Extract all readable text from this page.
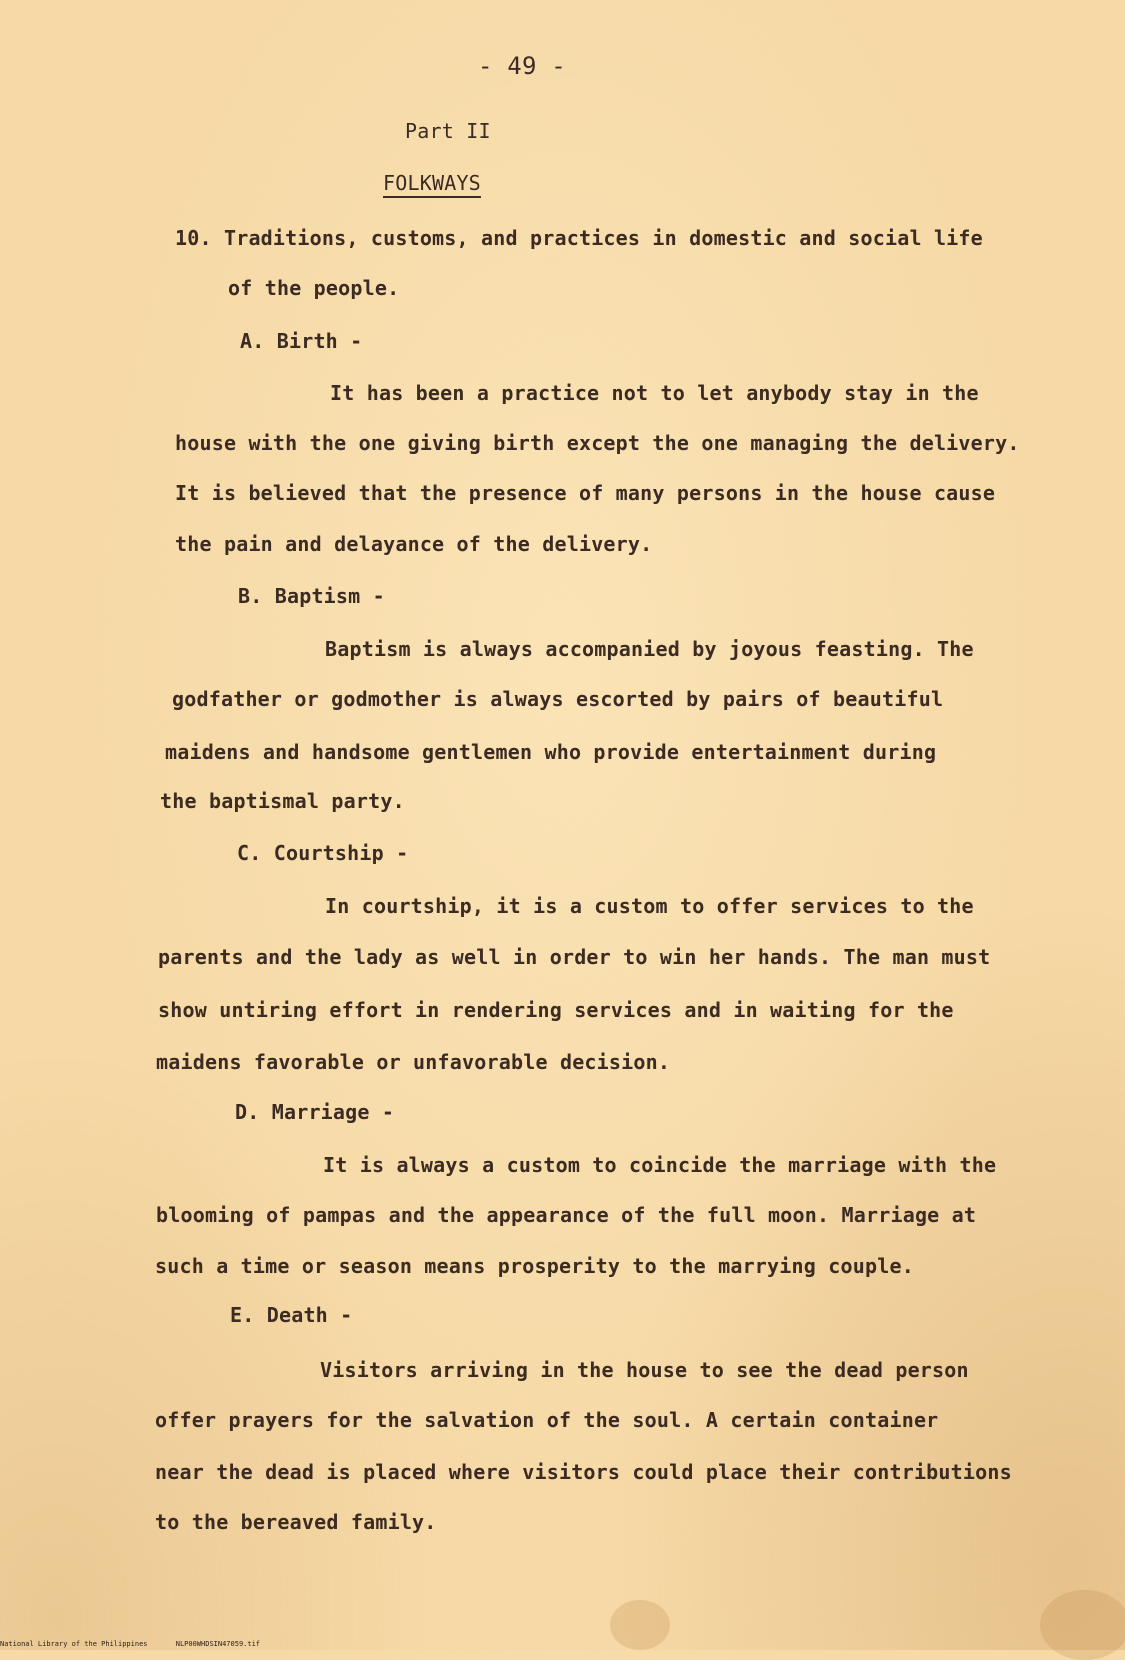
- 49 -
Part II
FOLKWAYS
10. Traditions, customs, and practices in domestic and social life
of the people.
A. Birth -
It has been a practice not to let anybody stay in the
house with the one giving birth except the one managing the delivery.
It is believed that the presence of many persons in the house cause
the pain and delayance of the delivery.
B. Baptism -
Baptism is always accompanied by joyous feasting. The
godfather or godmother is always escorted by pairs of beautiful
maidens and handsome gentlemen who provide entertainment during
the baptismal party.
C. Courtship -
In courtship, it is a custom to offer services to the
parents and the lady as well in order to win her hands. The man must
show untiring effort in rendering services and in waiting for the
maidens favorable or unfavorable decision.
D. Marriage -
It is always a custom to coincide the marriage with the
blooming of pampas and the appearance of the full moon. Marriage at
such a time or season means prosperity to the marrying couple.
E. Death -
Visitors arriving in the house to see the dead person
offer prayers for the salvation of the soul. A certain container
near the dead is placed where visitors could place their contributions
to the bereaved family.
National Library of the Philippines	NLP00WHDSIN47059.tif
